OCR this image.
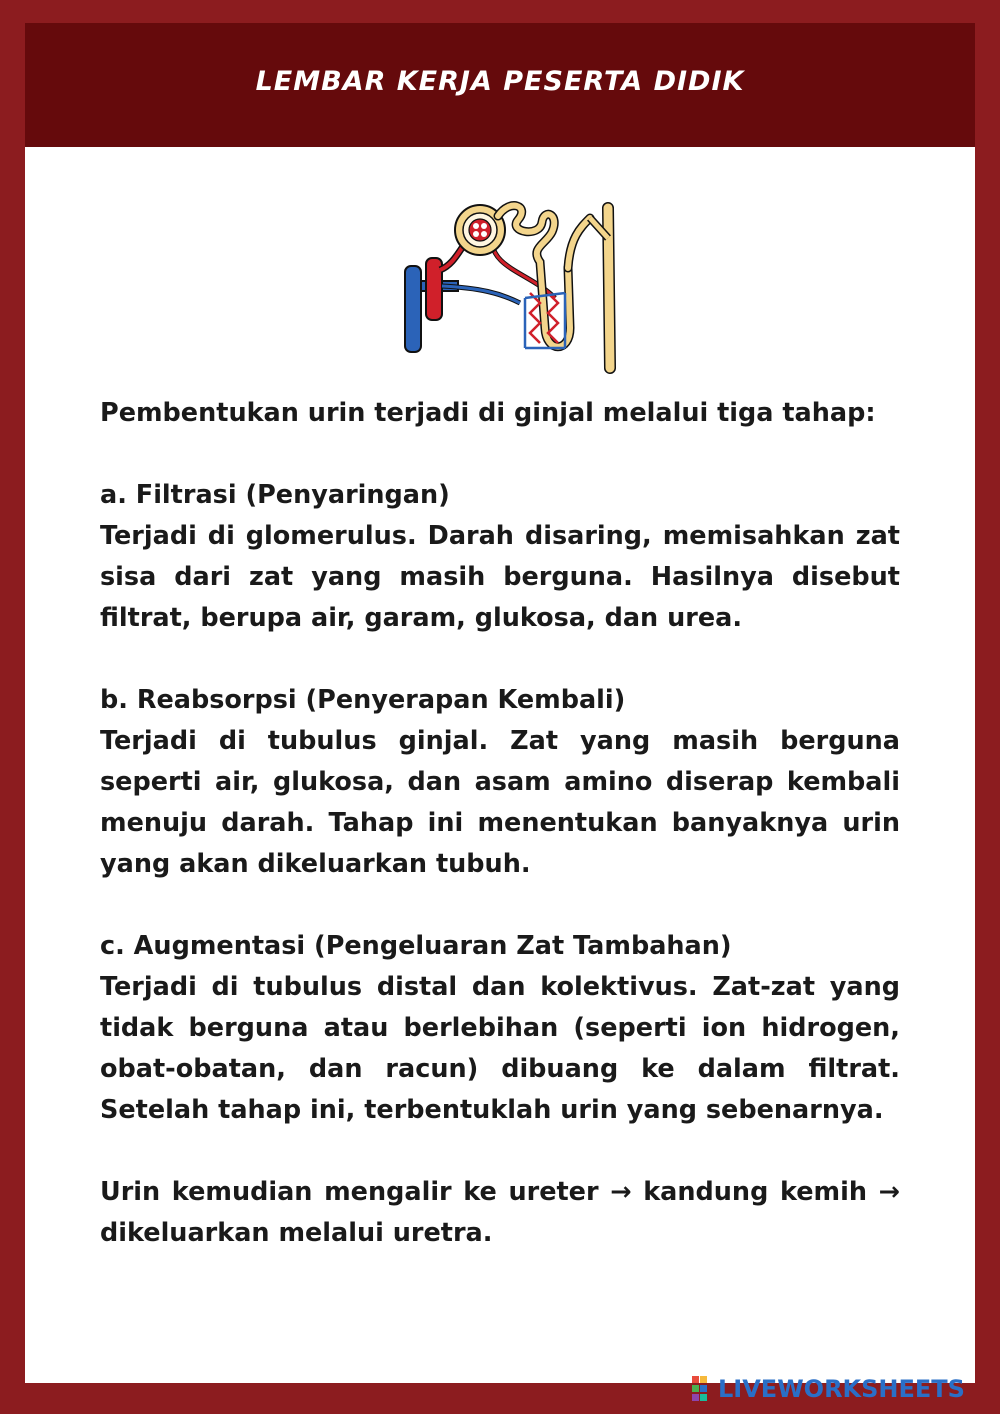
LEMBAR KERJA PESERTA DIDIK

Pembentukan urin terjadi di ginjal melalui tiga tahap:

a. Filtrasi (Penyaringan)

Terjadi di glomerulus. Darah disaring, memisahkan zat sisa dari zat yang masih berguna. Hasilnya disebut filtrat, berupa air, garam, glukosa, dan urea.

b. Reabsorpsi (Penyerapan Kembali)

Terjadi di tubulus ginjal. Zat yang masih berguna seperti air, glukosa, dan asam amino diserap kembali menuju darah. Tahap ini menentukan banyaknya urin yang akan dikeluarkan tubuh.

c. Augmentasi (Pengeluaran Zat Tambahan)

Terjadi di tubulus distal dan kolektivus. Zat-zat yang tidak berguna atau berlebihan (seperti ion hidrogen, obat-obatan, dan racun) dibuang ke dalam filtrat. Setelah tahap ini, terbentuklah urin yang sebenarnya.

Urin kemudian mengalir ke ureter → kandung kemih → dikeluarkan melalui uretra.

LIVEWORKSHEETS
